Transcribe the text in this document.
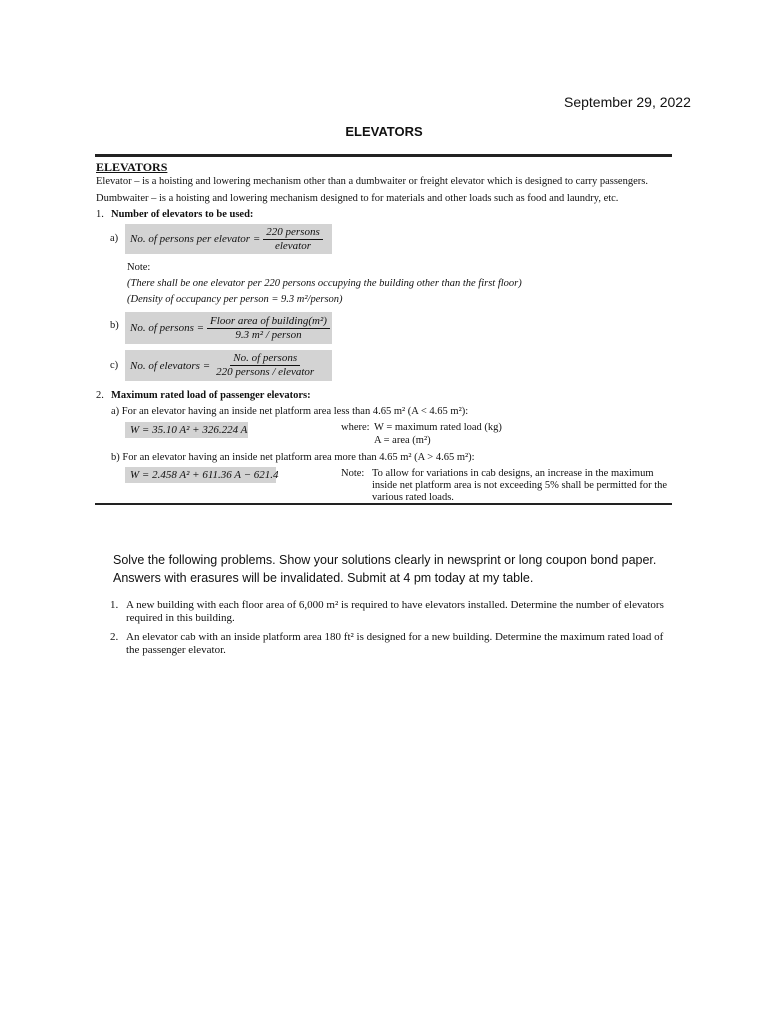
September 29, 2022
ELEVATORS
ELEVATORS
Elevator – is a hoisting and lowering mechanism other than a dumbwaiter or freight elevator which is designed to carry passengers.
Dumbwaiter – is a hoisting and lowering mechanism designed to for materials and other loads such as food and laundry, etc.
1. Number of elevators to be used:
a) No. of persons per elevator = $\frac{\text{220 persons}}{\text{elevator}}$
Note:
(There shall be one elevator per 220 persons occupying the building other than the first floor)
(Density of occupancy per person = 9.3 m²/person)
b) No. of persons = $\frac{\text{Floor area of building(m²)}}{\text{9.3 m² / person}}$
c) No. of elevators = $\frac{\text{No. of persons}}{\text{220 persons / elevator}}$
2. Maximum rated load of passenger elevators:
a) For an elevator having an inside net platform area less than 4.65 m² (A < 4.65 m²):
W = 35.10 A² + 326.224 A	where: W = maximum rated load (kg)
A = area (m²)
b) For an elevator having an inside net platform area more than 4.65 m² (A > 4.65 m²):
W = 2.458 A² + 611.36 A − 621.4	Note: To allow for variations in cab designs, an increase in the maximum
inside net platform area is not exceeding 5% shall be permitted for the
various rated loads.
Solve the following problems. Show your solutions clearly in newsprint or long coupon bond paper.
Answers with erasures will be invalidated. Submit at 4 pm today at my table.
1. A new building with each floor area of 6,000 m² is required to have elevators installed. Determine the number of elevators required in this building.
2. An elevator cab with an inside platform area 180 ft² is designed for a new building. Determine the maximum rated load of the passenger elevator.
